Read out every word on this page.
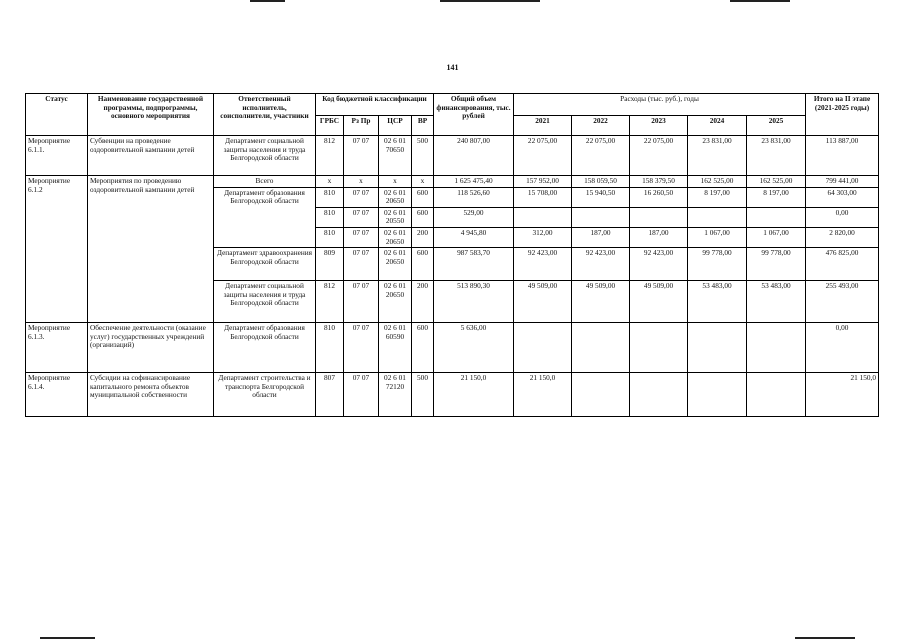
141
Статус	Наименование государственной программы, подпрограммы, основного мероприятия	Ответственный исполнитель, соисполнители, участники	Код бюджетной классификации				Общий объем финансирования, тыс. рублей	Расходы (тыс. руб.), годы					Итого на II этапе (2021-2025 годы)
			ГРБС	Рз Пр	ЦСР	ВР		2021	2022	2023	2024	2025	
Мероприятие 6.1.1.	Субвенции на проведение оздоровительной кампании детей	Департамент социальной защиты населения и труда Белгородской области	812	07 07	02 6 01 70650	500	240 807,00	22 075,00	22 075,00	22 075,00	23 831,00	23 831,00	113 887,00
Мероприятие 6.1.2	Мероприятия по проведению оздоровительной кампании детей	Всего	х	х	х	х	1 625 475,40	157 952,00	158 059,50	158 379,50	162 525,00	162 525,00	799 441,00
		Департамент образования Белгородской области	810	07 07	02 6 01 20650	600	118 526,60	15 708,00	15 940,50	16 260,50	8 197,00	8 197,00	64 303,00
			810	07 07	02 6 01 20550	600	529,00						0,00
			810	07 07	02 6 01 20650	200	4 945,80	312,00	187,00	187,00	1 067,00	1 067,00	2 820,00
		Департамент здравоохранения Белгородской области	809	07 07	02 6 01 20650	600	987 583,70	92 423,00	92 423,00	92 423,00	99 778,00	99 778,00	476 825,00
		Департамент социальной защиты населения и труда Белгородской области	812	07 07	02 6 01 20650	200	513 890,30	49 509,00	49 509,00	49 509,00	53 483,00	53 483,00	255 493,00
Мероприятие 6.1.3.	Обеспечение деятельности (оказание услуг) государственных учреждений (организаций)	Департамент образования Белгородской области	810	07 07	02 6 01 60590	600	5 636,00						0,00
Мероприятие 6.1.4.	Субсидии на софинансирование капитального ремонта объектов муниципальной собственности	Департамент строительства и транспорта Белгородской области	807	07 07	02 6 01 72120	500	21 150,0	21 150,0					21 150,0
